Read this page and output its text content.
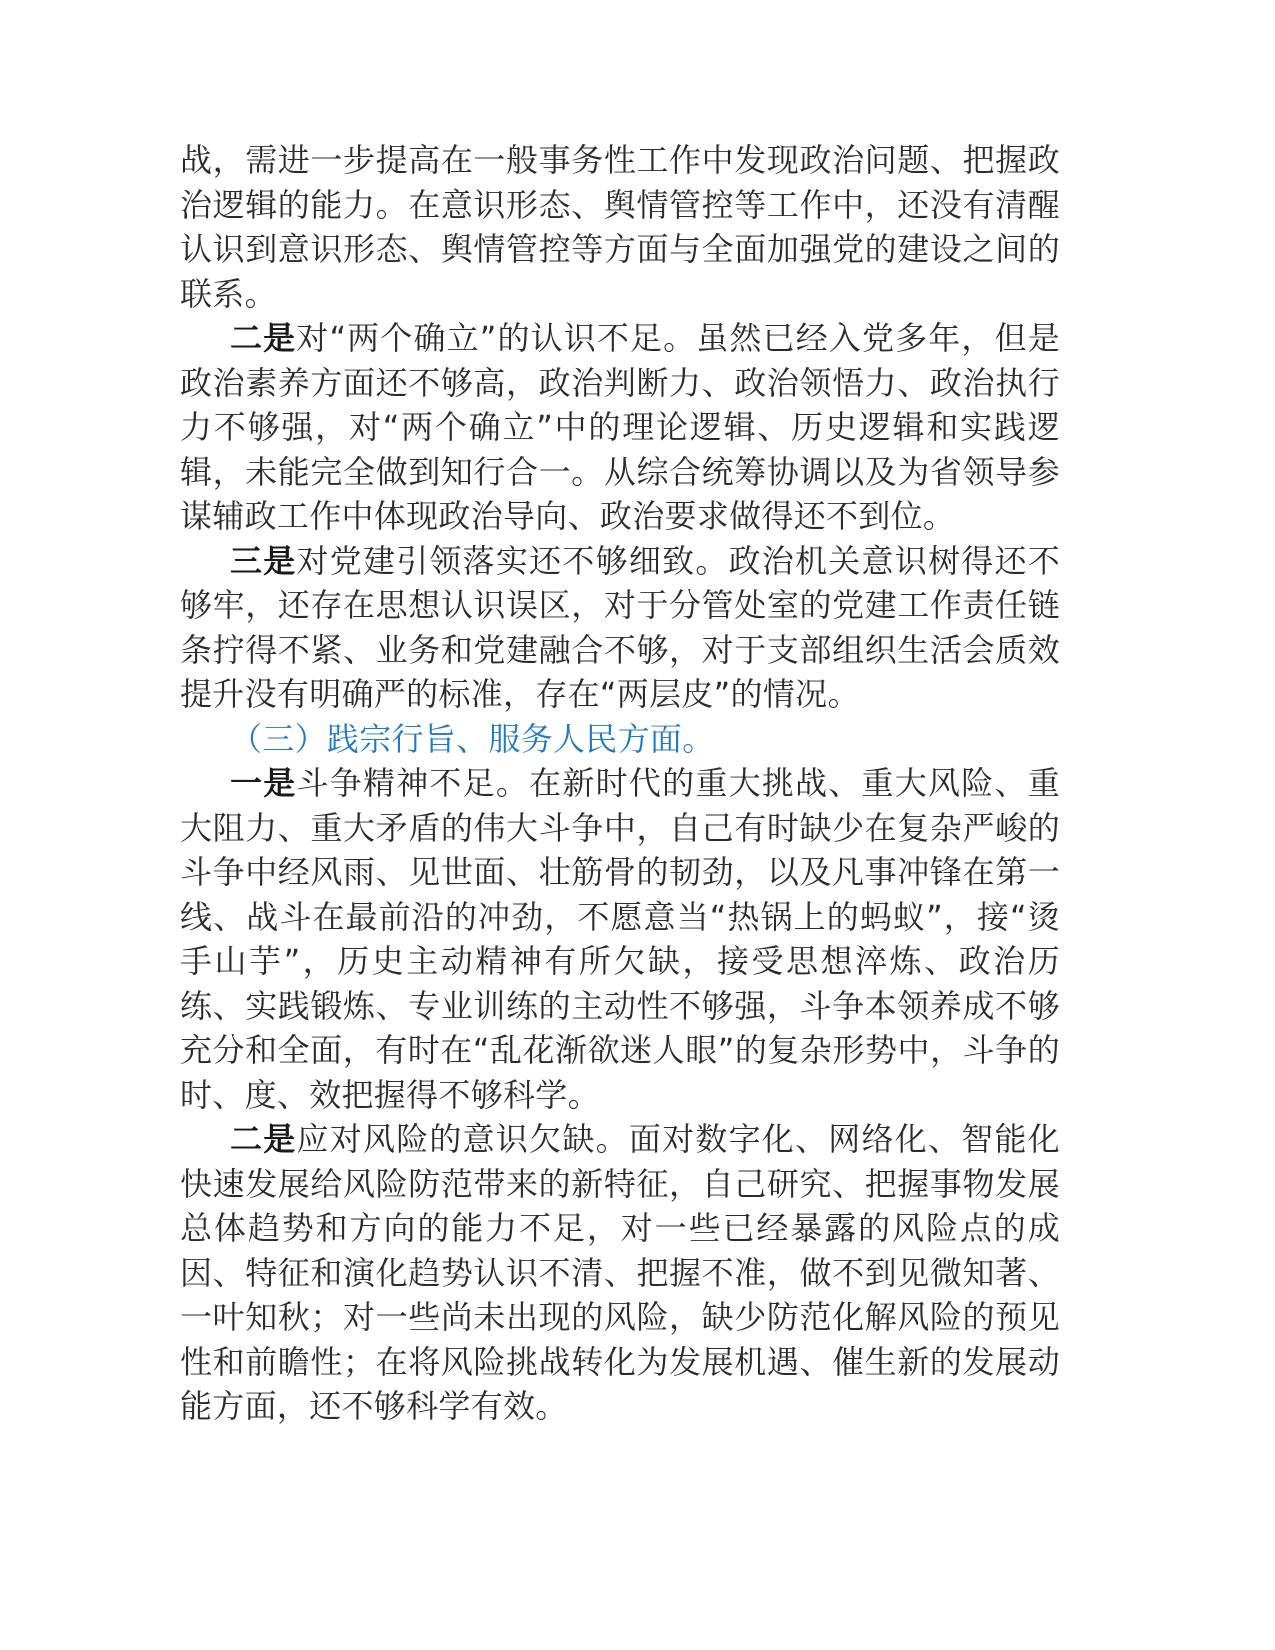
战，需进一步提高在一般事务性工作中发现政治问题、把握政治逻辑的能力。在意识形态、舆情管控等工作中，还没有清醒认识到意识形态、舆情管控等方面与全面加强党的建设之间的联系。

二是对“两个确立”的认识不足。虽然已经入党多年，但是政治素养方面还不够高，政治判断力、政治领悟力、政治执行力不够强，对“两个确立”中的理论逻辑、历史逻辑和实践逻辑，未能完全做到知行合一。从综合统筹协调以及为省领导参谋辅政工作中体现政治导向、政治要求做得还不到位。

三是对党建引领落实还不够细致。政治机关意识树得还不够牢，还存在思想认识误区，对于分管处室的党建工作责任链条拧得不紧、业务和党建融合不够，对于支部组织生活会质效提升没有明确严的标准，存在“两层皮”的情况。

（三）践宗行旨、服务人民方面。

一是斗争精神不足。在新时代的重大挑战、重大风险、重大阻力、重大矛盾的伟大斗争中，自己有时缺少在复杂严峻的斗争中经风雨、见世面、壮筋骨的韧劲，以及凡事冲锋在第一线、战斗在最前沿的冲劲，不愿意当“热锅上的蚂蚁”，接“烫手山芋”，历史主动精神有所欠缺，接受思想淬炼、政治历练、实践锻炼、专业训练的主动性不够强，斗争本领养成不够充分和全面，有时在“乱花渐欲迷人眼”的复杂形势中，斗争的时、度、效把握得不够科学。

二是应对风险的意识欠缺。面对数字化、网络化、智能化快速发展给风险防范带来的新特征，自己研究、把握事物发展总体趋势和方向的能力不足，对一些已经暴露的风险点的成因、特征和演化趋势认识不清、把握不准，做不到见微知著、一叶知秋；对一些尚未出现的风险，缺少防范化解风险的预见性和前瞻性；在将风险挑战转化为发展机遇、催生新的发展动能方面，还不够科学有效。
